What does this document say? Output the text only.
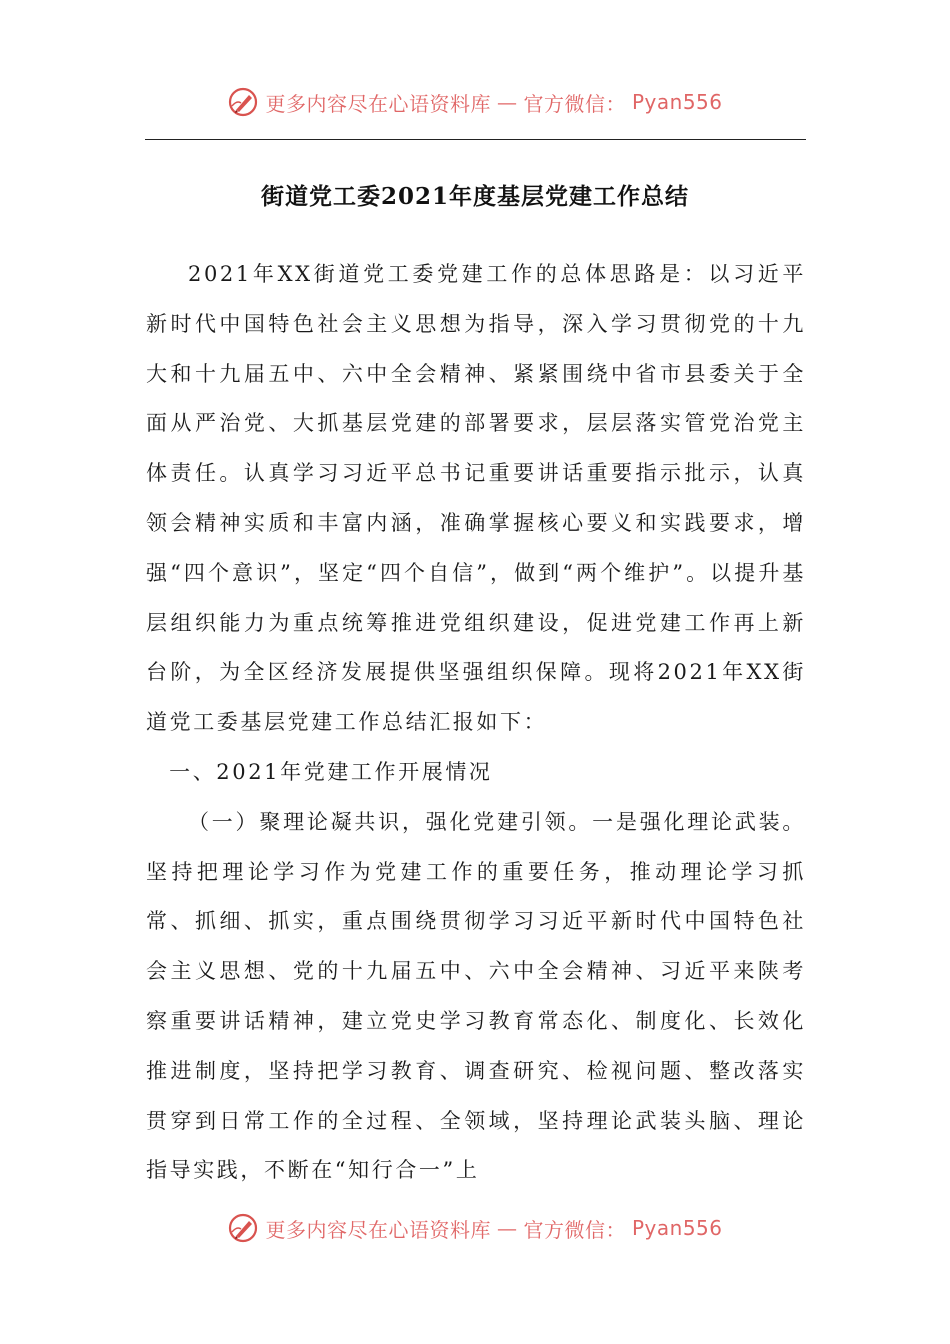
更多内容尽在心语资料库 — 官方微信： Pyan556
街道党工委2021年度基层党建工作总结

2021年XX街道党工委党建工作的总体思路是：以习近平新时代中国特色社会主义思想为指导，深入学习贯彻党的十九大和十九届五中、六中全会精神、紧紧围绕中省市县委关于全面从严治党、大抓基层党建的部署要求，层层落实管党治党主体责任。认真学习习近平总书记重要讲话重要指示批示，认真领会精神实质和丰富内涵，准确掌握核心要义和实践要求，增强“四个意识”，坚定“四个自信”，做到“两个维护”。以提升基层组织能力为重点统筹推进党组织建设，促进党建工作再上新台阶，为全区经济发展提供坚强组织保障。现将2021年XX街道党工委基层党建工作总结汇报如下：

一、2021年党建工作开展情况

（一）聚理论凝共识，强化党建引领。一是强化理论武装。坚持把理论学习作为党建工作的重要任务，推动理论学习抓常、抓细、抓实，重点围绕贯彻学习习近平新时代中国特色社会主义思想、党的十九届五中、六中全会精神、习近平来陕考察重要讲话精神，建立党史学习教育常态化、制度化、长效化推进制度，坚持把学习教育、调查研究、检视问题、整改落实贯穿到日常工作的全过程、全领域，坚持理论武装头脑、理论指导实践，不断在“知行合一”上

更多内容尽在心语资料库 — 官方微信： Pyan556
